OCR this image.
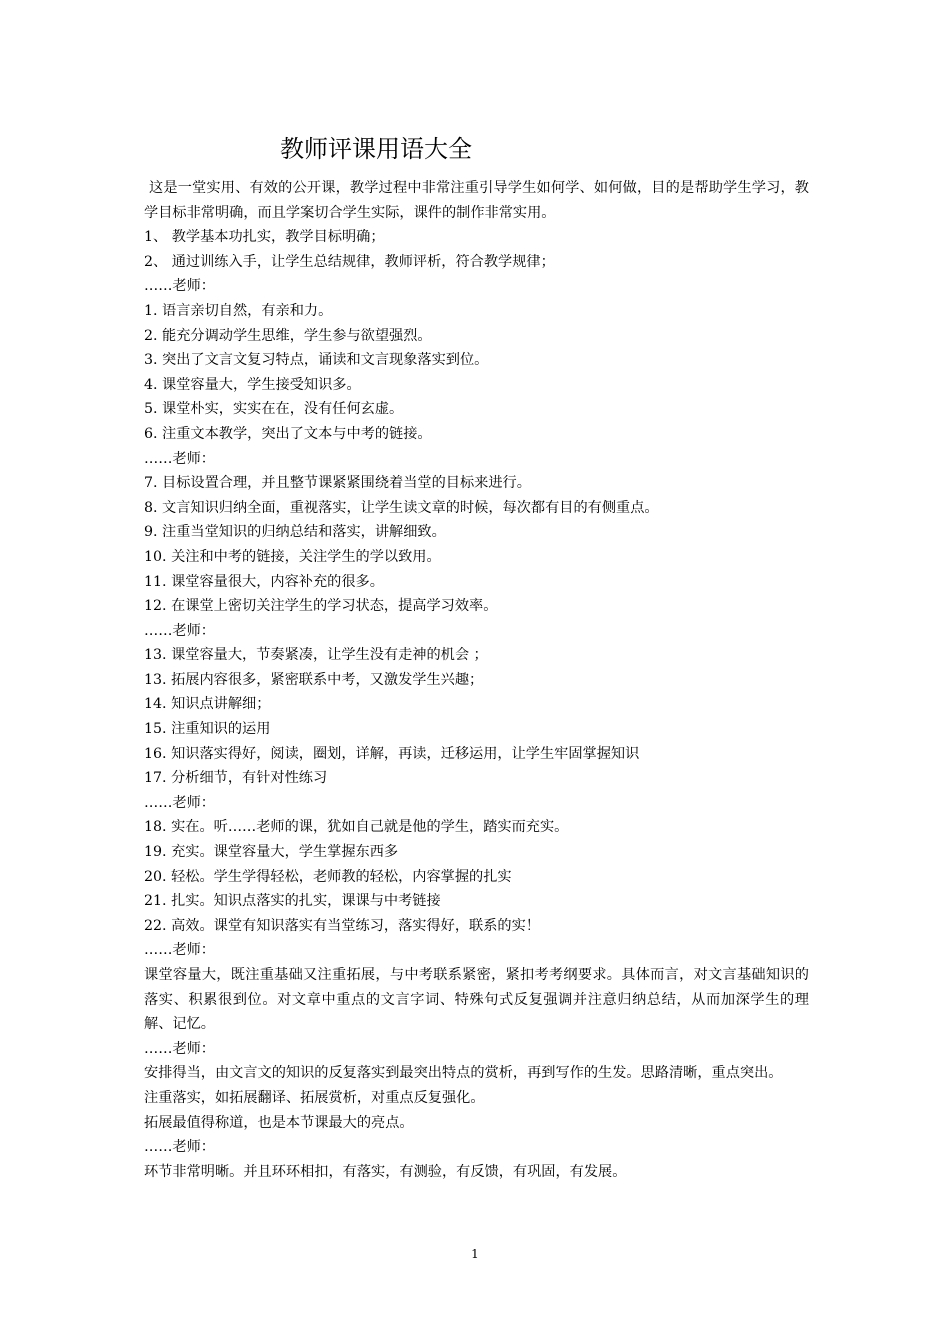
教师评课用语大全

这是一堂实用、有效的公开课，教学过程中非常注重引导学生如何学、如何做，目的是帮助学生学习，教学目标非常明确，而且学案切合学生实际，课件的制作非常实用。

1、 教学基本功扎实，教学目标明确；
2、 通过训练入手，让学生总结规律，教师评析，符合教学规律；
……老师：
1. 语言亲切自然，有亲和力。
2. 能充分调动学生思维，学生参与欲望强烈。
3. 突出了文言文复习特点，诵读和文言现象落实到位。
4. 课堂容量大，学生接受知识多。
5. 课堂朴实，实实在在，没有任何玄虚。
6. 注重文本教学，突出了文本与中考的链接。
……老师：
7. 目标设置合理，并且整节课紧紧围绕着当堂的目标来进行。
8. 文言知识归纳全面，重视落实，让学生读文章的时候，每次都有目的有侧重点。
9. 注重当堂知识的归纳总结和落实，讲解细致。
10. 关注和中考的链接，关注学生的学以致用。
11. 课堂容量很大，内容补充的很多。
12. 在课堂上密切关注学生的学习状态，提高学习效率。
……老师：
13. 课堂容量大，节奏紧凑，让学生没有走神的机会 ；
13. 拓展内容很多，紧密联系中考，又激发学生兴趣；
14. 知识点讲解细；
15. 注重知识的运用
16. 知识落实得好，阅读，圈划，详解，再读，迁移运用，让学生牢固掌握知识
17. 分析细节，有针对性练习
……老师：
18. 实在。听……老师的课，犹如自己就是他的学生，踏实而充实。
19. 充实。课堂容量大，学生掌握东西多
20. 轻松。学生学得轻松，老师教的轻松，内容掌握的扎实
21. 扎实。知识点落实的扎实，课课与中考链接
22. 高效。课堂有知识落实有当堂练习，落实得好，联系的实！
……老师：

课堂容量大，既注重基础又注重拓展，与中考联系紧密，紧扣考考纲要求。具体而言，对文言基础知识的落实、积累很到位。对文章中重点的文言字词、特殊句式反复强调并注意归纳总结，从而加深学生的理解、记忆。

……老师：

安排得当，由文言文的知识的反复落实到最突出特点的赏析，再到写作的生发。思路清晰，重点突出。

注重落实，如拓展翻译、拓展赏析，对重点反复强化。
拓展最值得称道，也是本节课最大的亮点。
……老师：
环节非常明晰。并且环环相扣，有落实，有测验，有反馈，有巩固，有发展。
1
